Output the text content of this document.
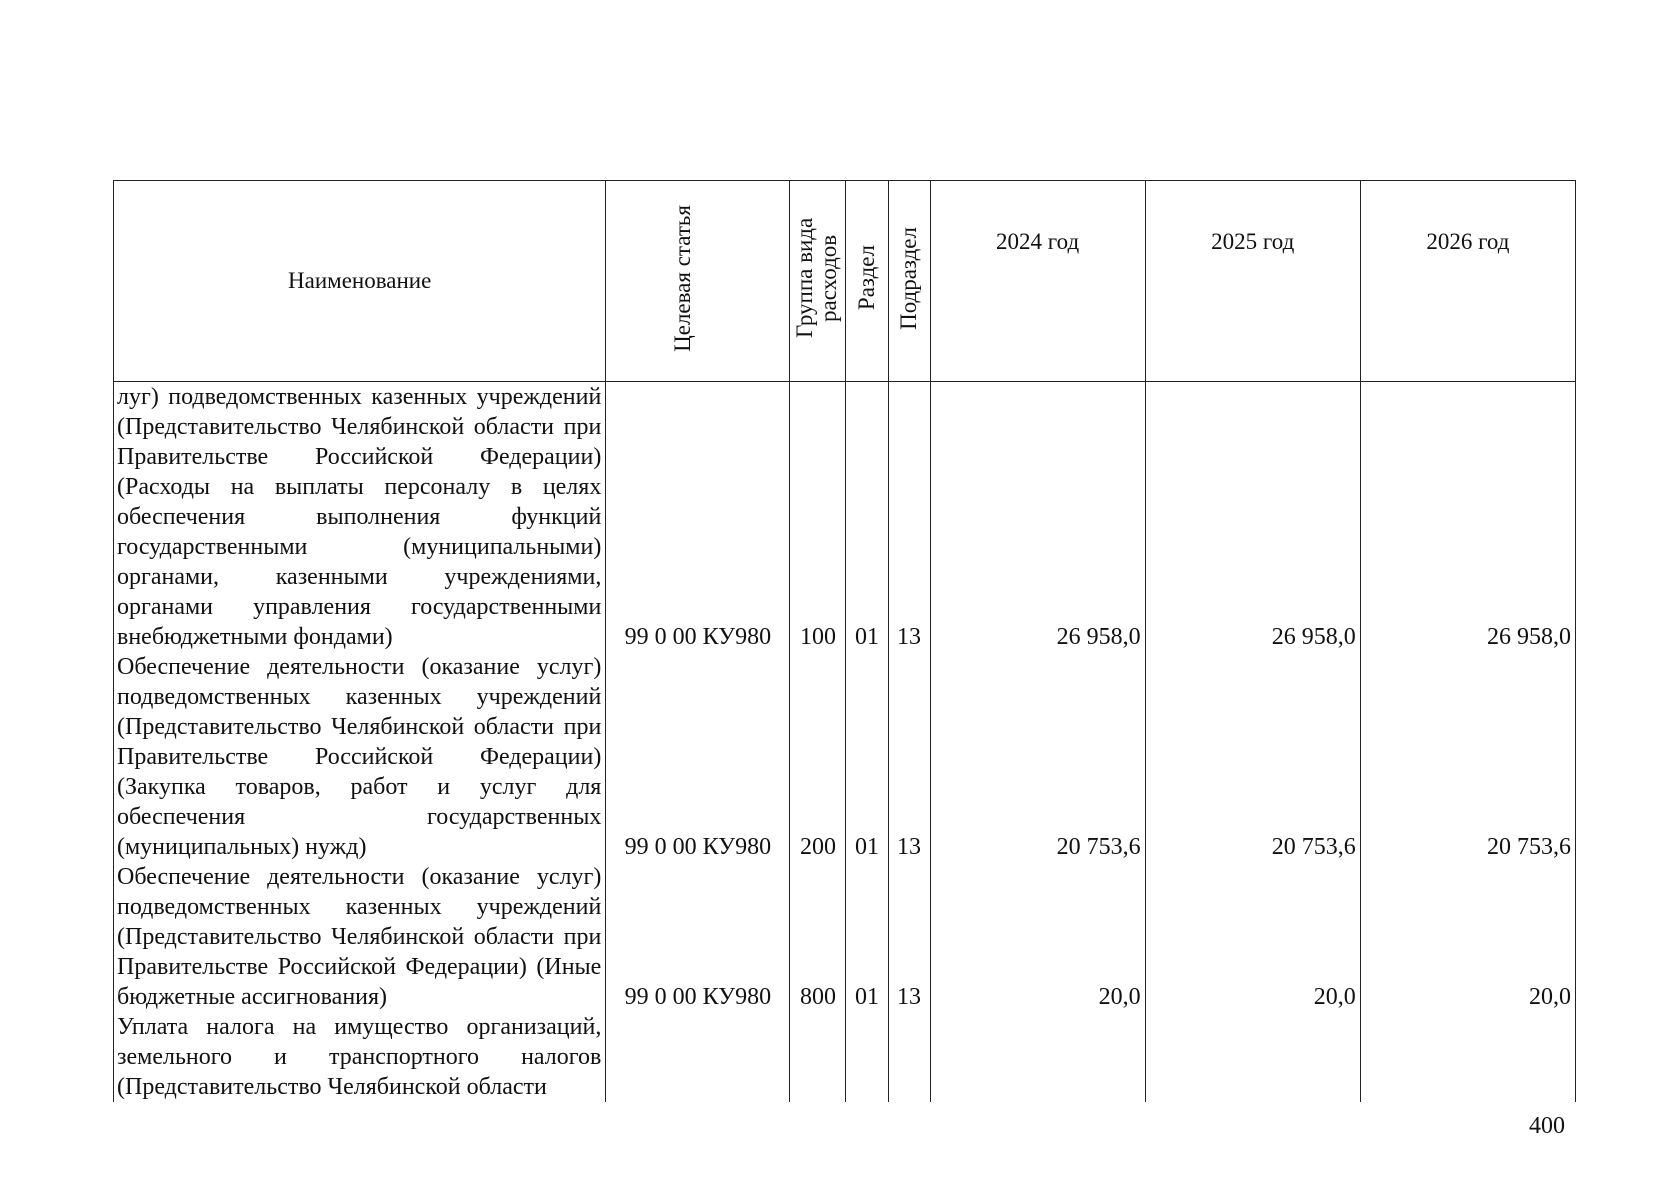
Наименование	Целевая статья	Группа вида расходов	Раздел	Подраздел	2024 год	2025 год	2026 год
луг) подведомственных казенных учреждений (Представительство Челябинской области при Правительстве Российской Федерации) (Расходы на выплаты персоналу в целях обеспечения выполнения функций государственными (муниципальными) органами, казенными учреждениями, органами управления государственными внебюджетными фондами)	99 0 00 КУ980	100	01	13	26 958,0	26 958,0	26 958,0
Обеспечение деятельности (оказание услуг) подведомственных казенных учреждений (Представительство Челябинской области при Правительстве Российской Федерации) (Закупка товаров, работ и услуг для обеспечения государственных (муниципальных) нужд)	99 0 00 КУ980	200	01	13	20 753,6	20 753,6	20 753,6
Обеспечение деятельности (оказание услуг) подведомственных казенных учреждений (Представительство Челябинской области при Правительстве Российской Федерации) (Иные бюджетные ассигнования)	99 0 00 КУ980	800	01	13	20,0	20,0	20,0
Уплата налога на имущество организаций, земельного и транспортного налогов (Представительство Челябинской области							
400
